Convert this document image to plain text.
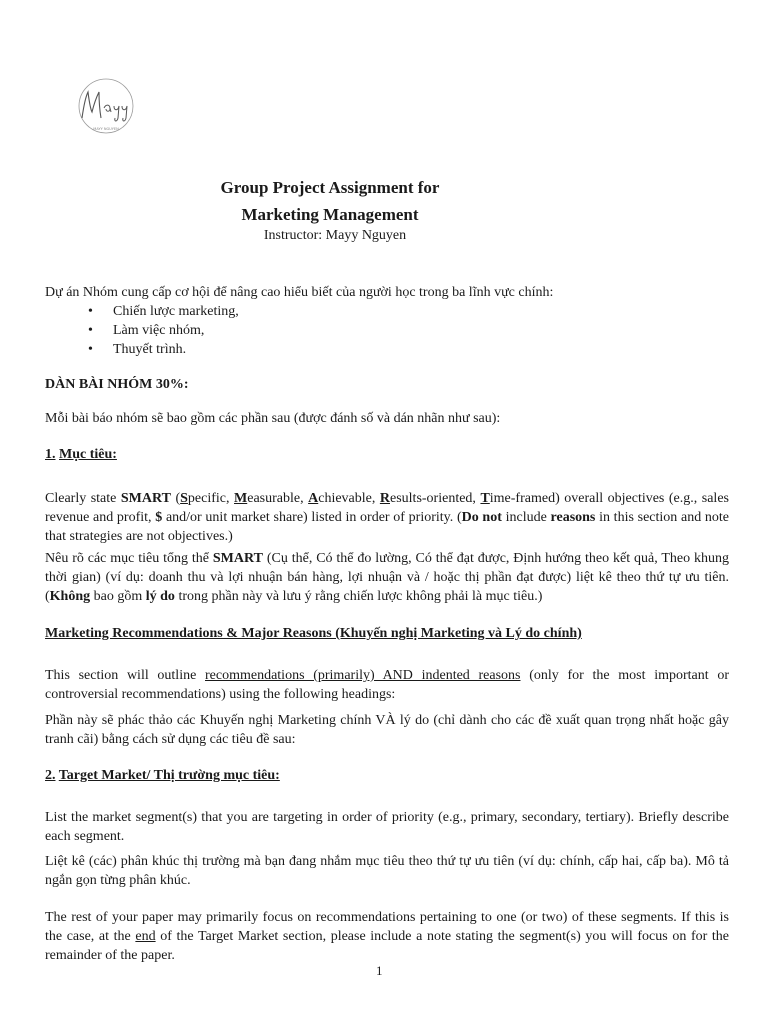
MAYY NGUYEN
Group Project Assignment for
Marketing Management
Instructor: Mayy Nguyen
Dự án Nhóm cung cấp cơ hội để nâng cao hiểu biết của người học trong ba lĩnh vực chính:
• Chiến lược marketing,
• Làm việc nhóm,
• Thuyết trình.
DÀN BÀI NHÓM 30%:
Mỗi bài báo nhóm sẽ bao gồm các phần sau (được đánh số và dán nhãn như sau):
1. Mục tiêu:
Clearly state SMART (Specific, Measurable, Achievable, Results-oriented, Time-framed) overall objectives (e.g., sales revenue and profit, $ and/or unit market share) listed in order of priority. (Do not include reasons in this section and note that strategies are not objectives.)
Nêu rõ các mục tiêu tổng thể SMART (Cụ thể, Có thể đo lường, Có thể đạt được, Định hướng theo kết quả, Theo khung thời gian) (ví dụ: doanh thu và lợi nhuận bán hàng, lợi nhuận và / hoặc thị phần đạt được) liệt kê theo thứ tự ưu tiên. (Không bao gồm lý do trong phần này và lưu ý rằng chiến lược không phải là mục tiêu.)
Marketing Recommendations & Major Reasons (Khuyến nghị Marketing và Lý do chính)
This section will outline recommendations (primarily) AND indented reasons (only for the most important or controversial recommendations) using the following headings:
Phần này sẽ phác thảo các Khuyến nghị Marketing chính VÀ lý do (chỉ dành cho các đề xuất quan trọng nhất hoặc gây tranh cãi) bằng cách sử dụng các tiêu đề sau:
2. Target Market/ Thị trường mục tiêu:
List the market segment(s) that you are targeting in order of priority (e.g., primary, secondary, tertiary). Briefly describe each segment.
Liệt kê (các) phân khúc thị trường mà bạn đang nhắm mục tiêu theo thứ tự ưu tiên (ví dụ: chính, cấp hai, cấp ba). Mô tả ngắn gọn từng phân khúc.
The rest of your paper may primarily focus on recommendations pertaining to one (or two) of these segments. If this is the case, at the end of the Target Market section, please include a note stating the segment(s) you will focus on for the remainder of the paper.
1
